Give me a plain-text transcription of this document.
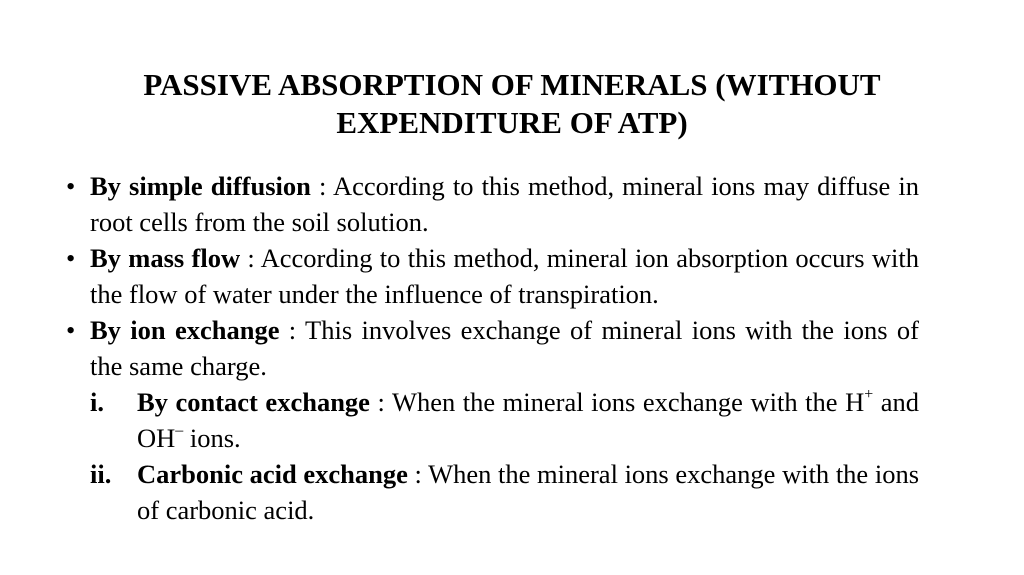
PASSIVE ABSORPTION OF MINERALS (WITHOUT EXPENDITURE OF ATP)
• By simple diffusion : According to this method, mineral ions may diffuse in root cells from the soil solution.
• By mass flow : According to this method, mineral ion absorption occurs with the flow of water under the influence of transpiration.
• By ion exchange : This involves exchange of mineral ions with the ions of the same charge.
i.	By contact exchange : When the mineral ions exchange with the H+ and OH– ions.
ii. Carbonic acid exchange : When the mineral ions exchange with the ions of carbonic acid.
